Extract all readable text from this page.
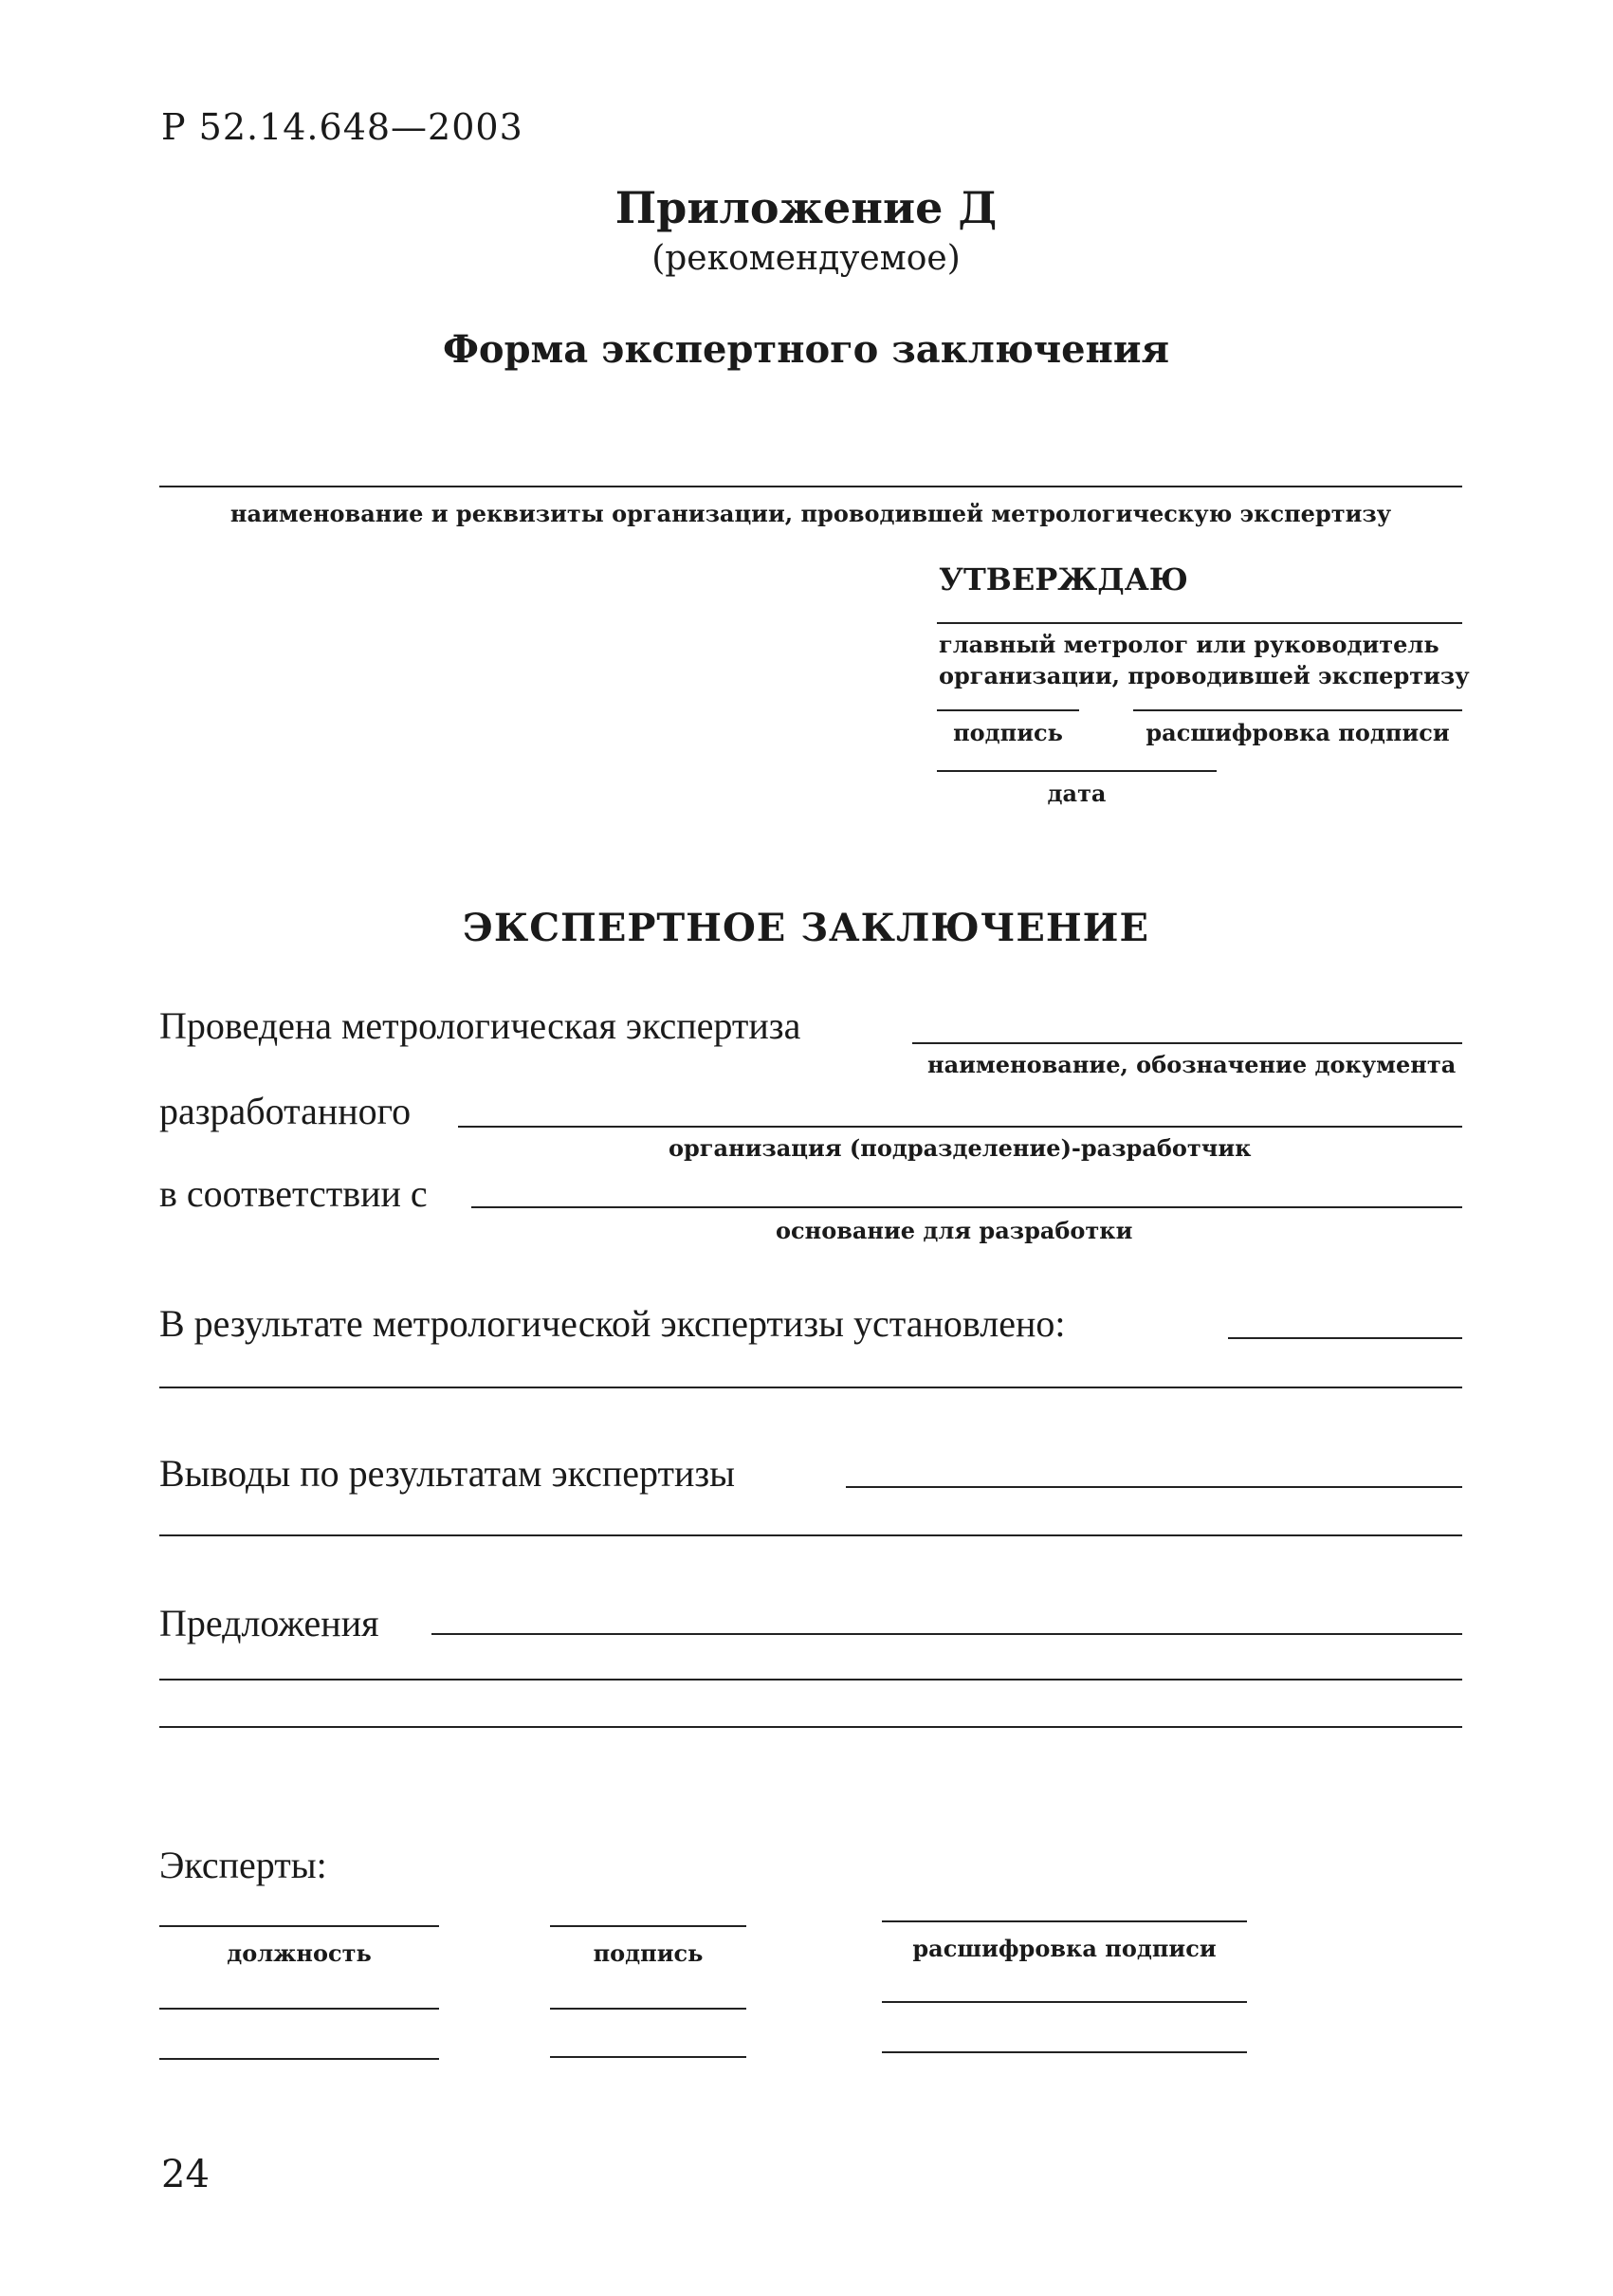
Р 52.14.648—2003
Приложение Д
(рекомендуемое)
Форма экспертного заключения
наименование и реквизиты организации, проводившей метрологическую экспертизу
УТВЕРЖДАЮ
главный метролог или руководитель
организации, проводившей экспертизу
подпись	расшифровка подписи
дата
ЭКСПЕРТНОЕ ЗАКЛЮЧЕНИЕ
Проведена метрологическая экспертиза
наименование, обозначение документа
разработанного
организация (подразделение)-разработчик
в соответствии с
основание для разработки
В результате метрологической экспертизы установлено:
Выводы по результатам экспертизы
Предложения
Эксперты:
должность	подпись	расшифровка подписи
24
